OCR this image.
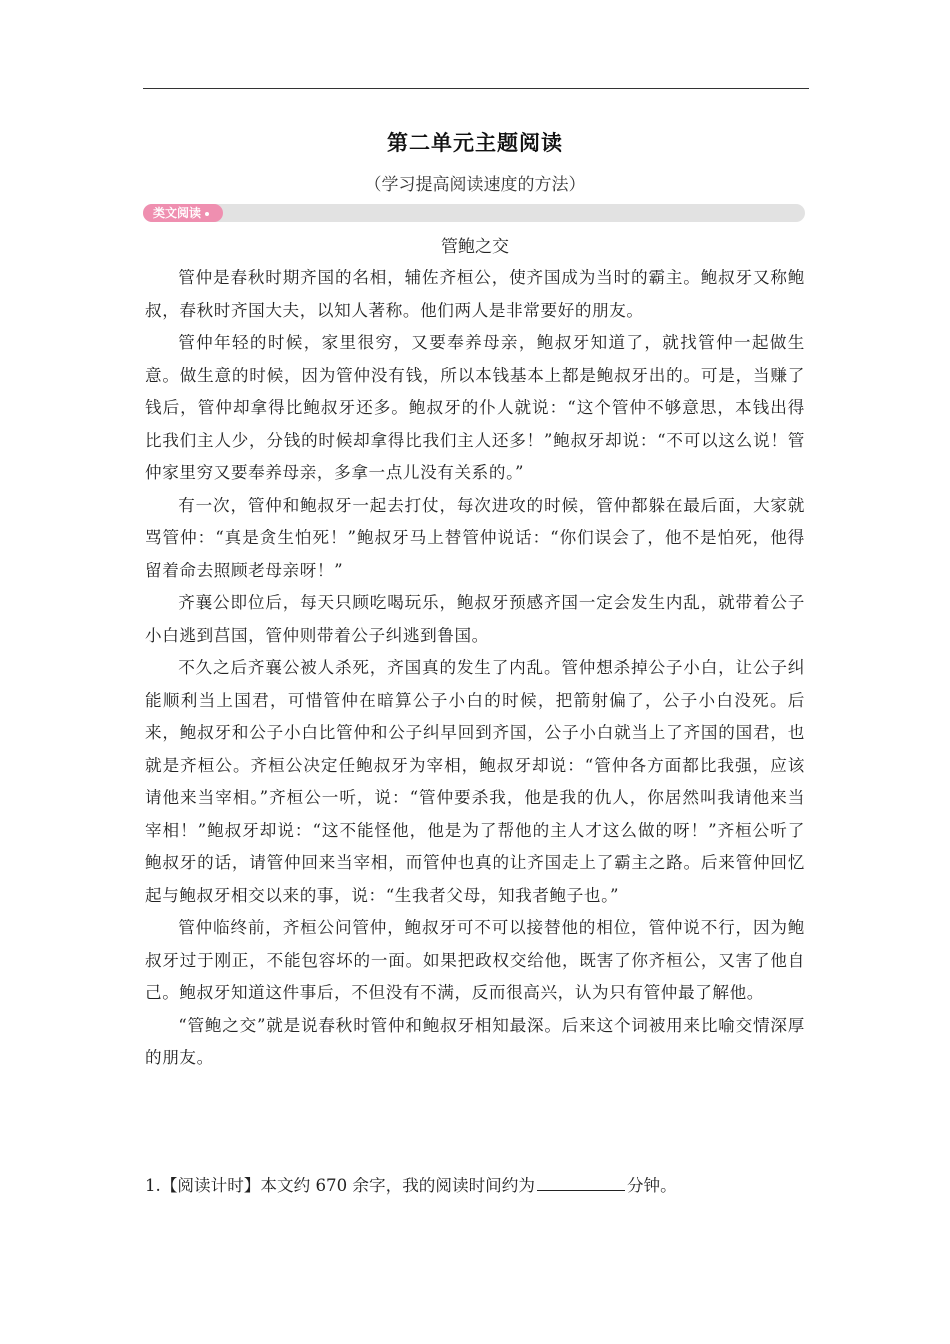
第二单元主题阅读
（学习提高阅读速度的方法）
类文阅读
管鲍之交

管仲是春秋时期齐国的名相，辅佐齐桓公，使齐国成为当时的霸主。鲍叔牙又称鲍叔，春秋时齐国大夫，以知人著称。他们两人是非常要好的朋友。

管仲年轻的时候，家里很穷，又要奉养母亲，鲍叔牙知道了，就找管仲一起做生意。做生意的时候，因为管仲没有钱，所以本钱基本上都是鲍叔牙出的。可是，当赚了钱后，管仲却拿得比鲍叔牙还多。鲍叔牙的仆人就说：“这个管仲不够意思，本钱出得比我们主人少，分钱的时候却拿得比我们主人还多！”鲍叔牙却说：“不可以这么说！管仲家里穷又要奉养母亲，多拿一点儿没有关系的。”

有一次，管仲和鲍叔牙一起去打仗，每次进攻的时候，管仲都躲在最后面，大家就骂管仲：“真是贪生怕死！”鲍叔牙马上替管仲说话：“你们误会了，他不是怕死，他得留着命去照顾老母亲呀！”

齐襄公即位后，每天只顾吃喝玩乐，鲍叔牙预感齐国一定会发生内乱，就带着公子小白逃到莒国，管仲则带着公子纠逃到鲁国。

不久之后齐襄公被人杀死，齐国真的发生了内乱。管仲想杀掉公子小白，让公子纠能顺利当上国君，可惜管仲在暗算公子小白的时候，把箭射偏了，公子小白没死。后来，鲍叔牙和公子小白比管仲和公子纠早回到齐国，公子小白就当上了齐国的国君，也就是齐桓公。齐桓公决定任鲍叔牙为宰相，鲍叔牙却说：“管仲各方面都比我强，应该请他来当宰相。”齐桓公一听，说：“管仲要杀我，他是我的仇人，你居然叫我请他来当宰相！”鲍叔牙却说：“这不能怪他，他是为了帮他的主人才这么做的呀！”齐桓公听了鲍叔牙的话，请管仲回来当宰相，而管仲也真的让齐国走上了霸主之路。后来管仲回忆起与鲍叔牙相交以来的事，说：“生我者父母，知我者鲍子也。”

管仲临终前，齐桓公问管仲，鲍叔牙可不可以接替他的相位，管仲说不行，因为鲍叔牙过于刚正，不能包容坏的一面。如果把政权交给他，既害了你齐桓公，又害了他自己。鲍叔牙知道这件事后，不但没有不满，反而很高兴，认为只有管仲最了解他。

“管鲍之交”就是说春秋时管仲和鲍叔牙相知最深。后来这个词被用来比喻交情深厚的朋友。

1.【阅读计时】本文约 670 余字，我的阅读时间约为	分钟。
